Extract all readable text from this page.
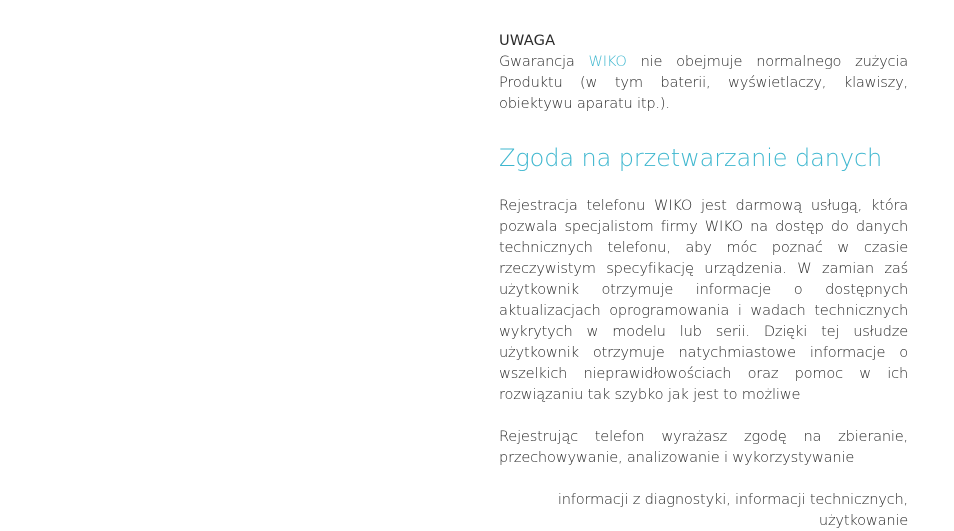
UWAGA

Gwarancja WIKO nie obejmuje normalnego zużycia Produktu (w tym baterii, wyświetlaczy, klawiszy, obiektywu aparatu itp.).

Zgoda na przetwarzanie danych

Rejestracja telefonu WIKO jest darmową usługą, która pozwala specjalistom firmy WIKO na dostęp do danych technicznych telefonu, aby móc poznać w czasie rzeczywistym specyfikację urządzenia. W zamian zaś użytkownik otrzymuje informacje o dostępnych aktualizacjach oprogramowania i wadach technicznych wykrytych w modelu lub serii. Dzięki tej usłudze użytkownik otrzymuje natychmiastowe informacje o wszelkich nieprawidłowościach oraz pomoc w ich rozwiązaniu tak szybko jak jest to możliwe

Rejestrując telefon wyrażasz zgodę na zbieranie, przechowywanie, analizowanie i wykorzystywanie

informacji z diagnostyki, informacji technicznych, użytkowanie
